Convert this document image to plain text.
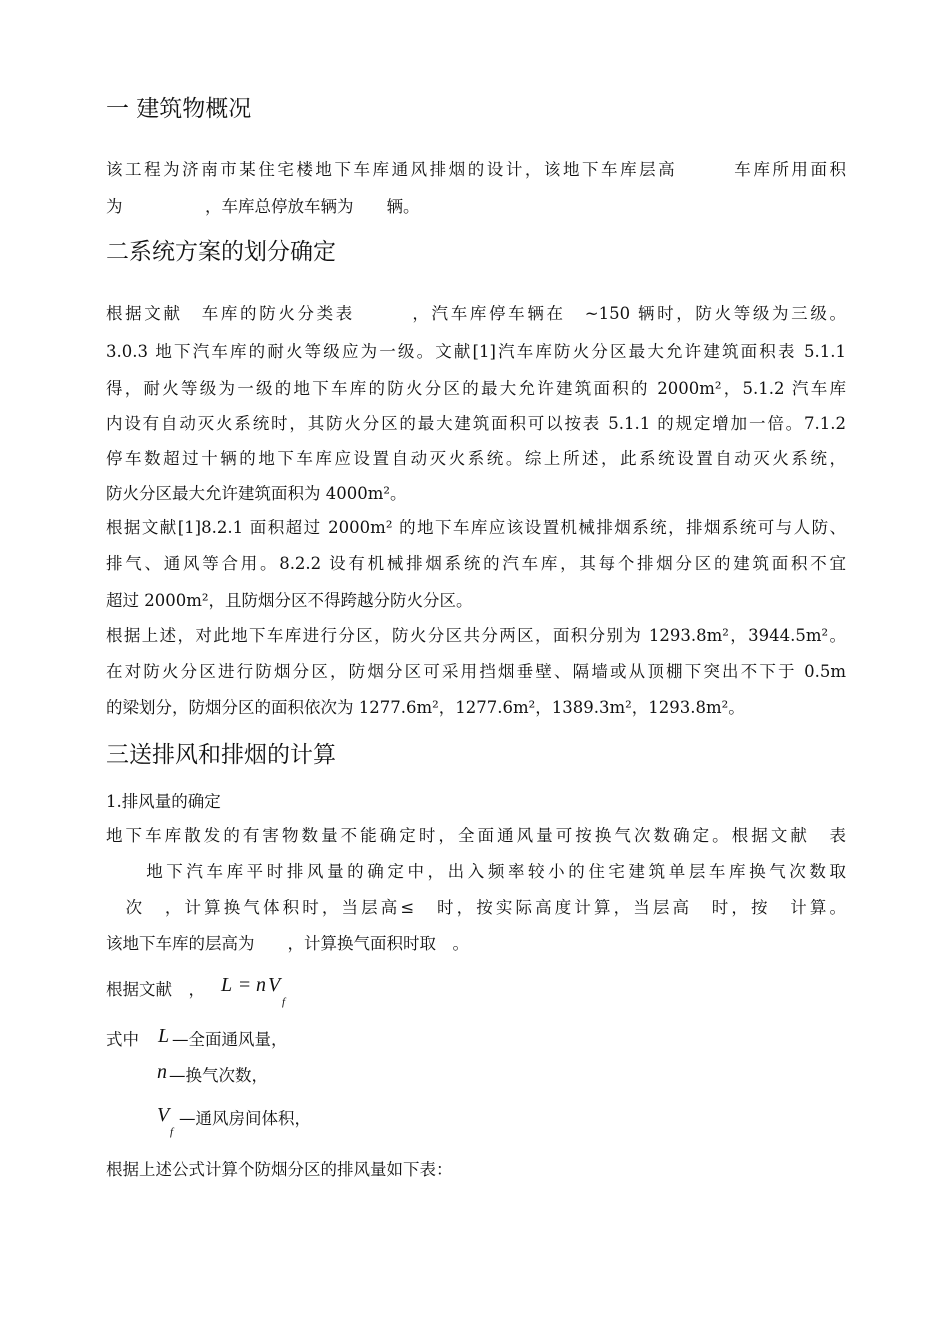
一 建筑物概况

该工程为济南市某住宅楼地下车库通风排烟的设计，该地下车库层高　　　车库所用面积

为　　　　　，车库总停放车辆为　　辆。

二系统方案的划分确定

根据文献　车库的防火分类表　　　，汽车库停车辆在　~150 辆时，防火等级为三级。

3.0.3 地下汽车库的耐火等级应为一级。文献[1]汽车库防火分区最大允许建筑面积表 5.1.1

得，耐火等级为一级的地下车库的防火分区的最大允许建筑面积的 2000m²，5.1.2 汽车库

内设有自动灭火系统时，其防火分区的最大建筑面积可以按表 5.1.1 的规定增加一倍。7.1.2

停车数超过十辆的地下车库应设置自动灭火系统。综上所述，此系统设置自动灭火系统，

防火分区最大允许建筑面积为 4000m²。

根据文献[1]8.2.1 面积超过 2000m² 的地下车库应该设置机械排烟系统，排烟系统可与人防、

排气、通风等合用。8.2.2 设有机械排烟系统的汽车库，其每个排烟分区的建筑面积不宜

超过 2000m²，且防烟分区不得跨越分防火分区。

根据上述，对此地下车库进行分区，防火分区共分两区，面积分别为 1293.8m²，3944.5m²。

在对防火分区进行防烟分区，防烟分区可采用挡烟垂壁、隔墙或从顶棚下突出不下于 0.5m

的梁划分，防烟分区的面积依次为 1277.6m²，1277.6m²，1389.3m²，1293.8m²。

三送排风和排烟的计算

1.排风量的确定

地下车库散发的有害物数量不能确定时，全面通风量可按换气次数确定。根据文献　表

　　地下汽车库平时排风量的确定中，出入频率较小的住宅建筑单层车库换气次数取

　次　，计算换气体积时，当层高≤　时，按实际高度计算，当层高　时，按　计算。

该地下车库的层高为　　，计算换气面积时取　。

根据文献　， L = n V
f
式中 L —全面通风量，
n —换气次数，
V
f
—通风房间体积，

根据上述公式计算个防烟分区的排风量如下表：
